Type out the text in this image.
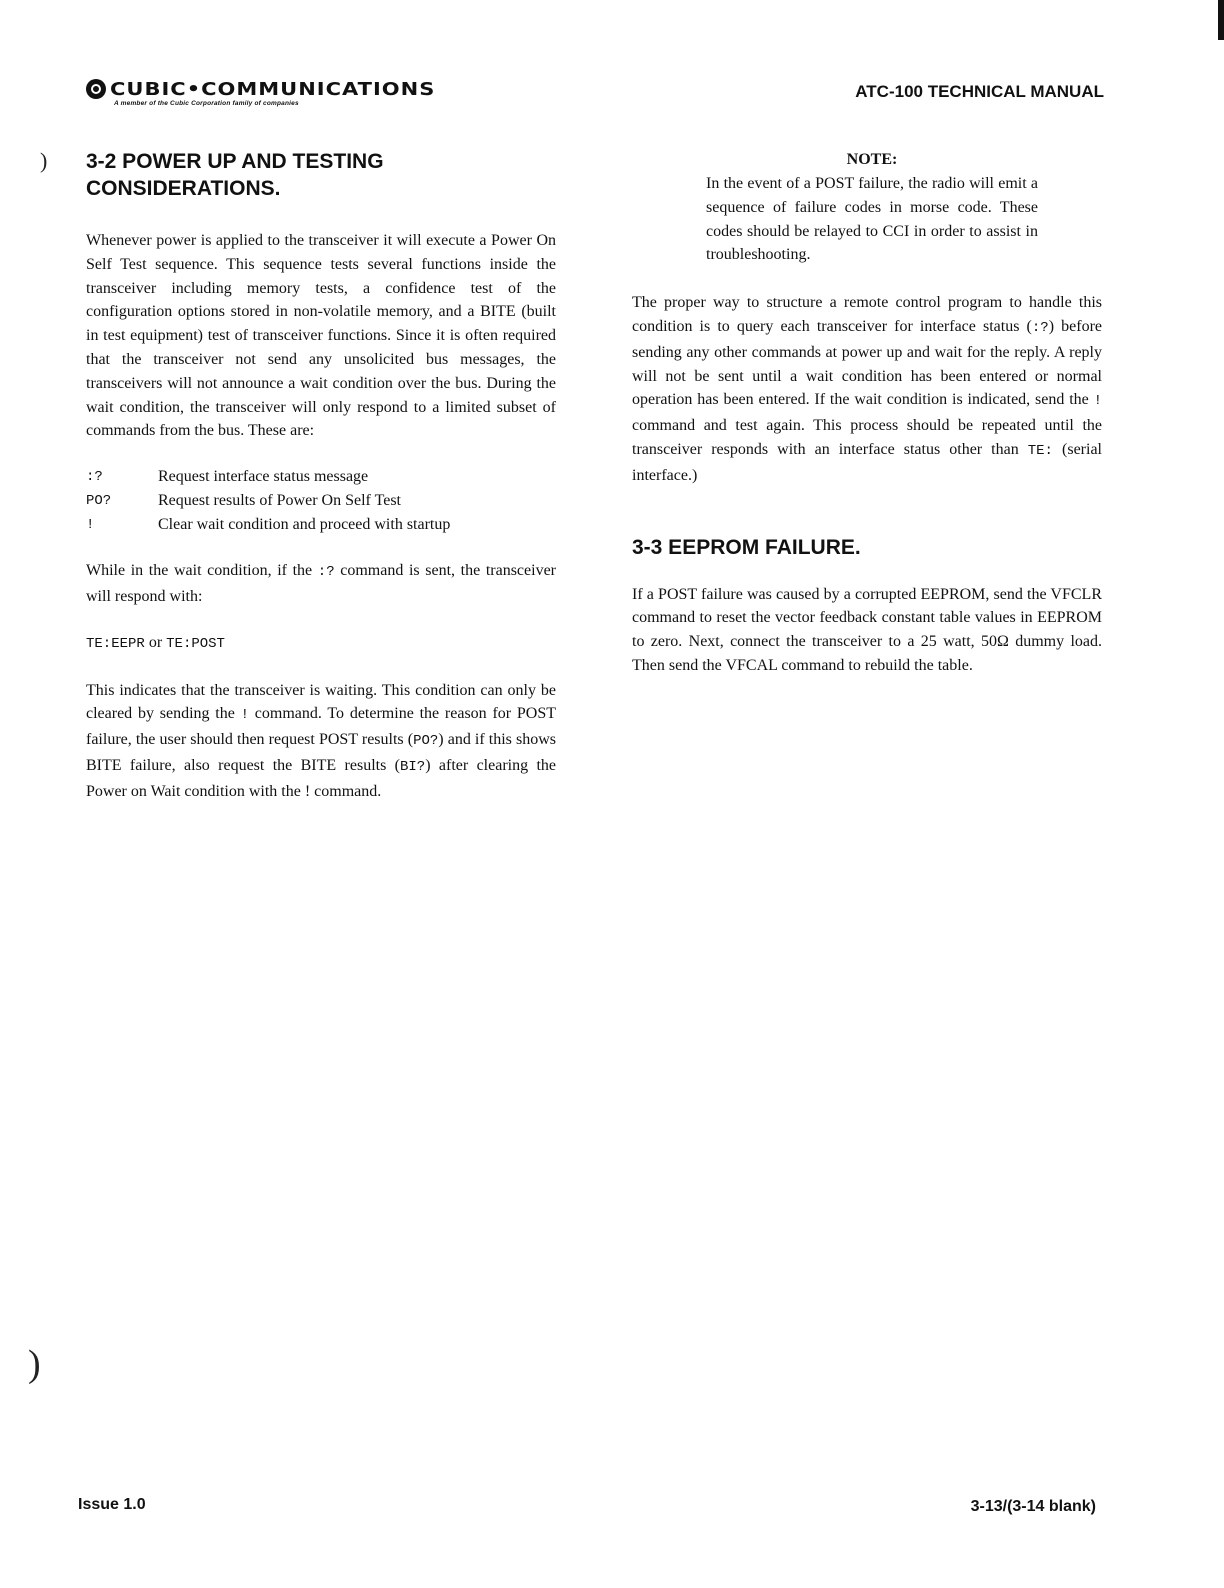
)
)
CUBIC•COMMUNICATIONS
A member of the Cubic Corporation family of companies
ATC-100 TECHNICAL MANUAL
3-2 POWER UP AND TESTING
CONSIDERATIONS.

Whenever power is applied to the transceiver it will execute a Power On Self Test sequence. This sequence tests several functions inside the transceiver including memory tests, a confidence test of the configuration options stored in non-volatile memory, and a BITE (built in test equipment) test of transceiver functions. Since it is often required that the transceiver not send any unsolicited bus messages, the transceivers will not announce a wait condition over the bus. During the wait condition, the transceiver will only respond to a limited subset of commands from the bus. These are:

:?	Request interface status message
PO?	Request results of Power On Self Test
!	Clear wait condition and proceed with startup

While in the wait condition, if the :? command is sent, the transceiver will respond with:

TE:EEPR or TE:POST

This indicates that the transceiver is waiting. This condition can only be cleared by sending the ! command. To determine the reason for POST failure, the user should then request POST results (PO?) and if this shows BITE failure, also request the BITE results (BI?) after clearing the Power on Wait condition with the ! command.

NOTE:

In the event of a POST failure, the radio will emit a sequence of failure codes in morse code. These codes should be relayed to CCI in order to assist in troubleshooting.

The proper way to structure a remote control program to handle this condition is to query each transceiver for interface status (:?) before sending any other commands at power up and wait for the reply. A reply will not be sent until a wait condition has been entered or normal operation has been entered. If the wait condition is indicated, send the ! command and test again. This process should be repeated until the transceiver responds with an interface status other than TE: (serial interface.)

3-3 EEPROM FAILURE.

If a POST failure was caused by a corrupted EEPROM, send the VFCLR command to reset the vector feedback constant table values in EEPROM to zero. Next, connect the transceiver to a 25 watt, 50Ω dummy load. Then send the VFCAL command to rebuild the table.

Issue 1.0	3-13/(3-14 blank)
